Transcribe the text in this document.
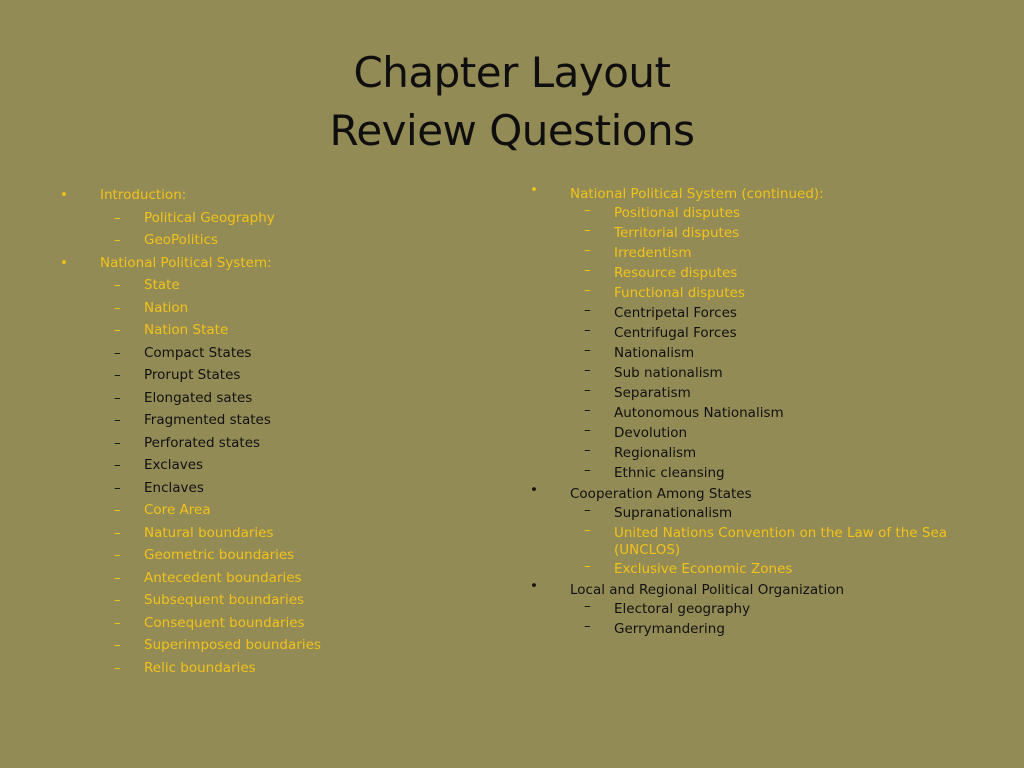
Chapter Layout
Review Questions
• Introduction:
– Political Geography
– GeoPolitics
• National Political System:
– State
– Nation
– Nation State
– Compact States
– Prorupt States
– Elongated sates
– Fragmented states
– Perforated states
– Exclaves
– Enclaves
– Core Area
– Natural boundaries
– Geometric boundaries
– Antecedent boundaries
– Subsequent boundaries
– Consequent boundaries
– Superimposed boundaries
– Relic boundaries
• National Political System (continued):
– Positional disputes
– Territorial disputes
– Irredentism
– Resource disputes
– Functional disputes
– Centripetal Forces
– Centrifugal Forces
– Nationalism
– Sub nationalism
– Separatism
– Autonomous Nationalism
– Devolution
– Regionalism
– Ethnic cleansing
• Cooperation Among States
– Supranationalism
– United Nations Convention on the Law of the Sea (UNCLOS)
– Exclusive Economic Zones
• Local and Regional Political Organization
– Electoral geography
– Gerrymandering
